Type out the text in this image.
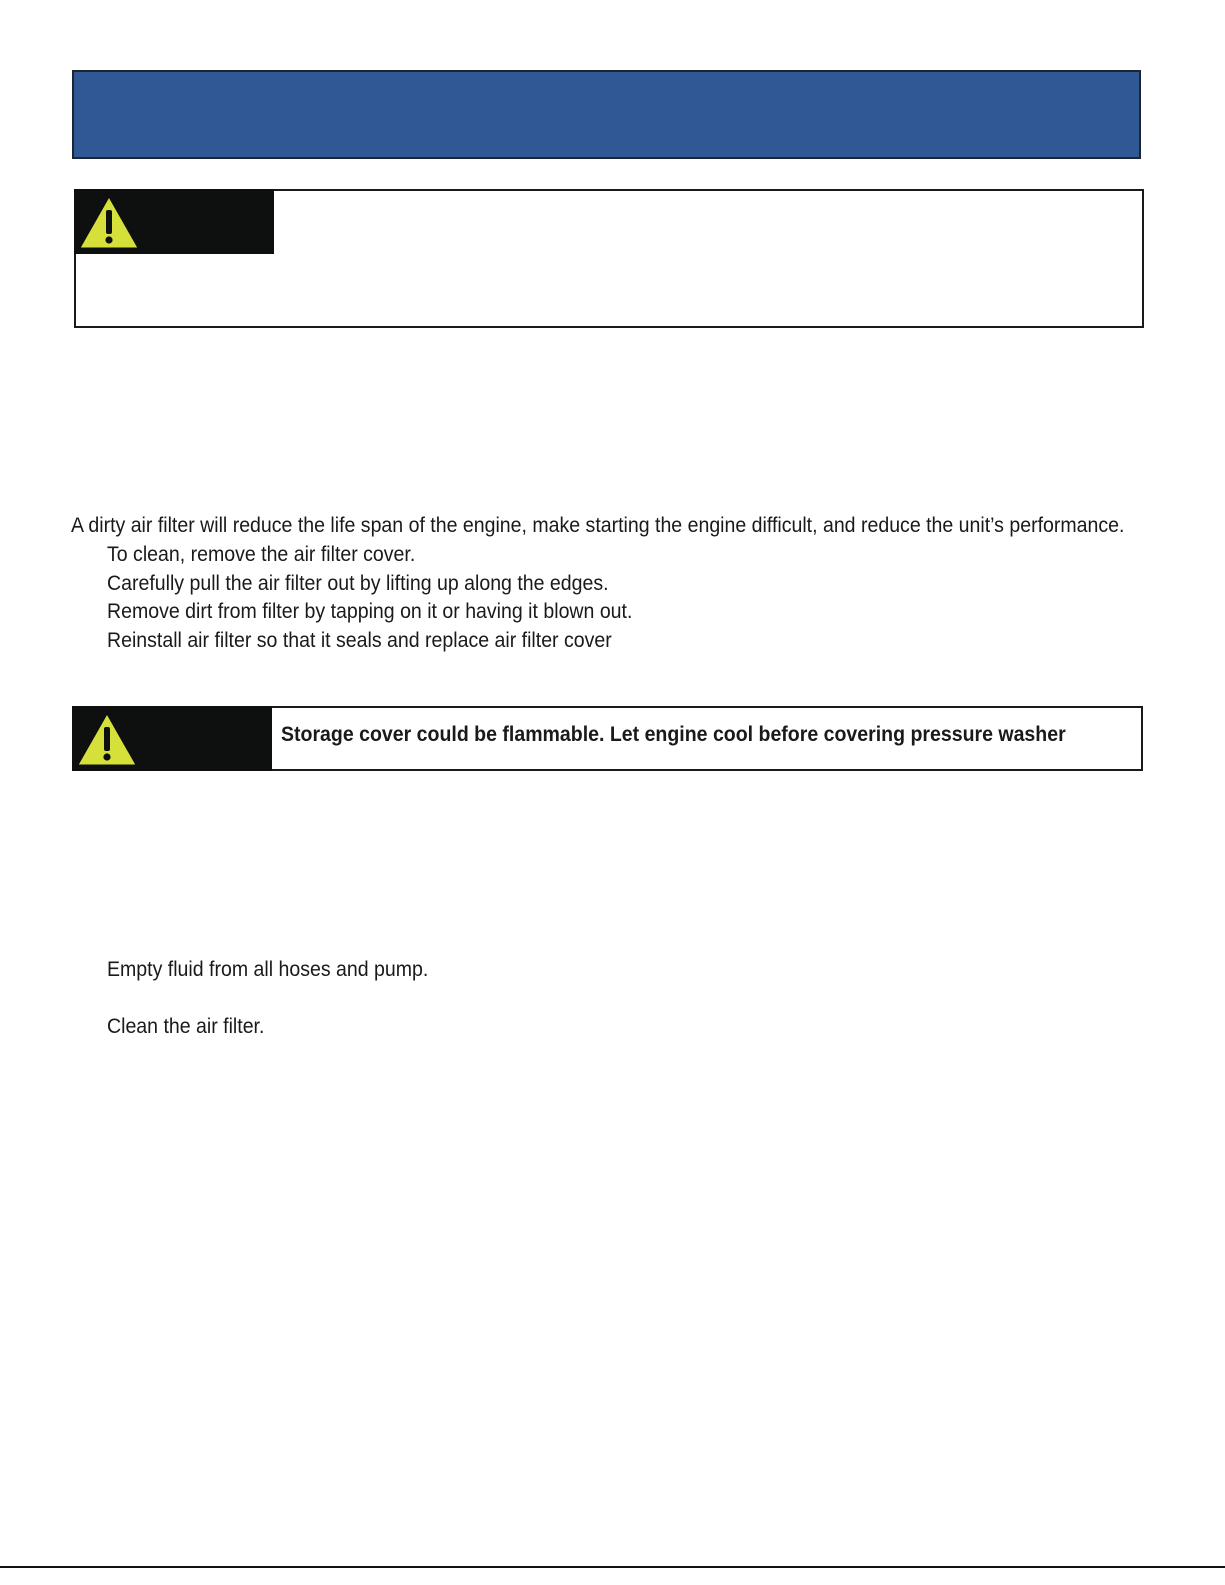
A dirty air filter will reduce the life span of the engine, make starting the engine difficult, and reduce the unit’s performance.
To clean, remove the air filter cover.
Carefully pull the air filter out by lifting up along the edges.
Remove dirt from filter by tapping on it or having it blown out.
Reinstall air filter so that it seals and replace air filter cover
Storage cover could be flammable. Let engine cool before covering pressure washer
Empty fluid from all hoses and pump.
Clean the air filter.
